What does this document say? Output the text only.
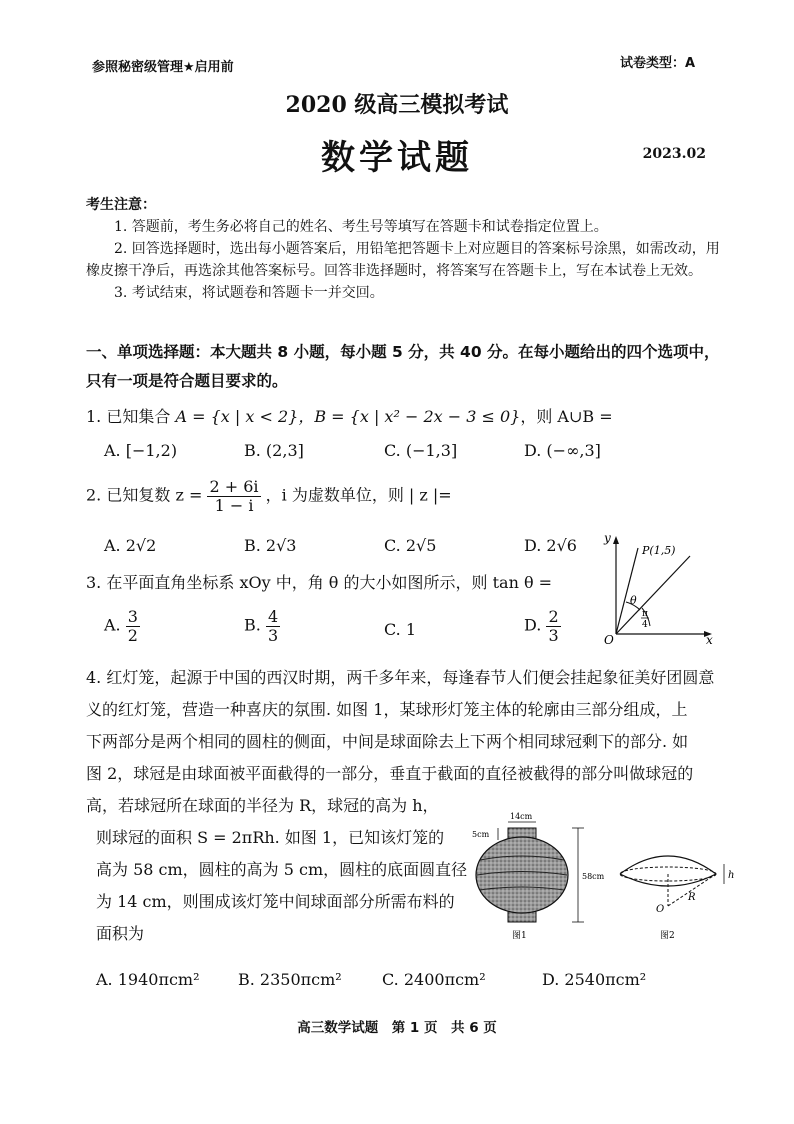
参照秘密级管理★启用前	试卷类型：A
2020 级高三模拟考试
数学试题	2023.02

考生注意：

1. 答题前，考生务必将自己的姓名、考生号等填写在答题卡和试卷指定位置上。

2. 回答选择题时，选出每小题答案后，用铅笔把答题卡上对应题目的答案标号涂黑，如需改动，用橡皮擦干净后，再选涂其他答案标号。回答非选择题时，将答案写在答题卡上，写在本试卷上无效。

3. 考试结束，将试题卷和答题卡一并交回。

一、单项选择题：本大题共 8 小题，每小题 5 分，共 40 分。在每小题给出的四个选项中，只有一项是符合题目要求的。
1. 已知集合 A = {x | x < 2}，B = {x | x² − 2x − 3 ≤ 0}，则 A∪B =
A. [−1,2)	B. (2,3]	C. (−1,3]	D. (−∞,3]
2. 已知复数 $z = \frac{2 + 6i}{1 - i}$ ，i 为虚数单位，则 | z |=
A. 2√2	B. 2√3	C. 2√5	D. 2√6
3. 在平面直角坐标系 xOy 中，角 θ 的大小如图所示，则 tan θ =
A. $\frac{3}{2}$	B. $\frac{4}{3}$	C. 1	D. $\frac{2}{3}$
y
x
O
P(1,5)
θ
π
4

4. 红灯笼，起源于中国的西汉时期，两千多年来，每逢春节人们便会挂起象征美好团圆意

义的红灯笼，营造一种喜庆的氛围. 如图 1，某球形灯笼主体的轮廓由三部分组成，上

下两部分是两个相同的圆柱的侧面，中间是球面除去上下两个相同球冠剩下的部分. 如

图 2，球冠是由球面被平面截得的一部分，垂直于截面的直径被截得的部分叫做球冠的

高，若球冠所在球面的半径为 R，球冠的高为 h，

则球冠的面积 S = 2πRh. 如图 1，已知该灯笼的

高为 58 cm，圆柱的高为 5 cm，圆柱的底面圆直径

为 14 cm，则围成该灯笼中间球面部分所需布料的

面积为

14cm
5cm
58cm
图1
h
R
O
图2
A. 1940πcm² B. 2350πcm²	C. 2400πcm²	D. 2540πcm²
高三数学试题　第 1 页　共 6 页
